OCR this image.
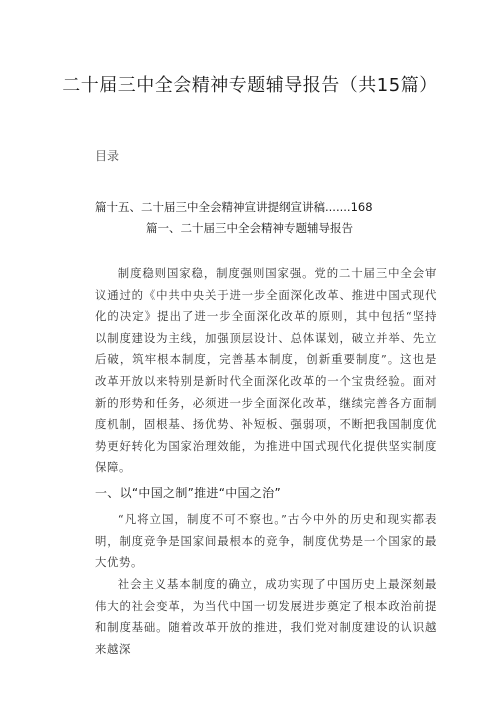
二十届三中全会精神专题辅导报告（共15篇）
目录
篇十五、二十届三中全会精神宣讲提纲宣讲稿.......168
篇一、二十届三中全会精神专题辅导报告

制度稳则国家稳，制度强则国家强。党的二十届三中全会审议通过的《中共中央关于进一步全面深化改革、推进中国式现代化的决定》提出了进一步全面深化改革的原则，其中包括“坚持以制度建设为主线，加强顶层设计、总体谋划，破立并举、先立后破，筑牢根本制度，完善基本制度，创新重要制度”。这也是改革开放以来特别是新时代全面深化改革的一个宝贵经验。面对新的形势和任务，必须进一步全面深化改革，继续完善各方面制度机制，固根基、扬优势、补短板、强弱项，不断把我国制度优势更好转化为国家治理效能，为推进中国式现代化提供坚实制度保障。

一、以“中国之制”推进“中国之治”

“凡将立国，制度不可不察也。”古今中外的历史和现实都表明，制度竞争是国家间最根本的竞争，制度优势是一个国家的最大优势。

社会主义基本制度的确立，成功实现了中国历史上最深刻最伟大的社会变革，为当代中国一切发展进步奠定了根本政治前提和制度基础。随着改革开放的推进，我们党对制度建设的认识越来越深
